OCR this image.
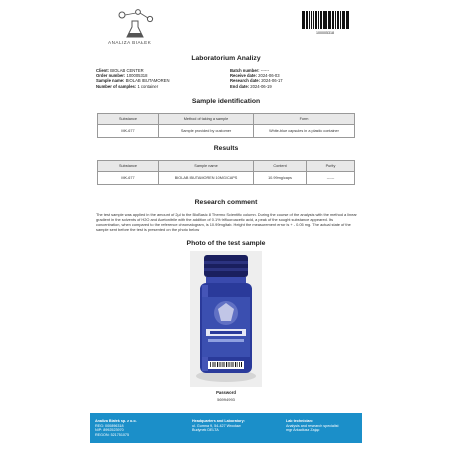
ANALIZA BIAŁEK
100005318
Laboratorium Analizy
Client: BIOLAB CENTER
Order number: 100005318
Sample name: BIOLAB IBUTAMOREN
Number of samples: 1 container
Batch number: ------
Receive date: 2024-06-03
Research date: 2024-06-17
End date: 2024-06-19
Sample identification
Substance	Method of taking a sample	Form
MK-677	Sample provided by customer	White-blue capsules in a plastic container
Results
Substance	Sample name	Content	Purity
MK-677	BIOLAB IBUTAMOREN 10MG/CAPS	10.99mg/caps	------
Research comment
The test sample was applied in the amount of 2µl to the BioBasic 8 Thermo Scientific column. During the course of the analysis with the method a linear gradient in the solvents of H2O and Acetonitrile with the addition of 0.1% trifluoroacetic acid, a peak of the sought substance appeared. Its concentration, when compared to the reference chromatogram, is 10.99mg/tab. Height the measurement error is + - 0.05 mg. The actual state of the sample sent before the test is presented on the photo below
Photo of the test sample
Password
56994993
Analiza Białek sp. z o.o.
REG: 000896318
NIP: 8992523970
REGON: 521751075
Headquarters and Laboratory:
ul. Gumna 9, 54-427 Wrocław
Budynek DELTA
Lab technician:
Analysis and research specialist
mgr Arkadiusz Zając
